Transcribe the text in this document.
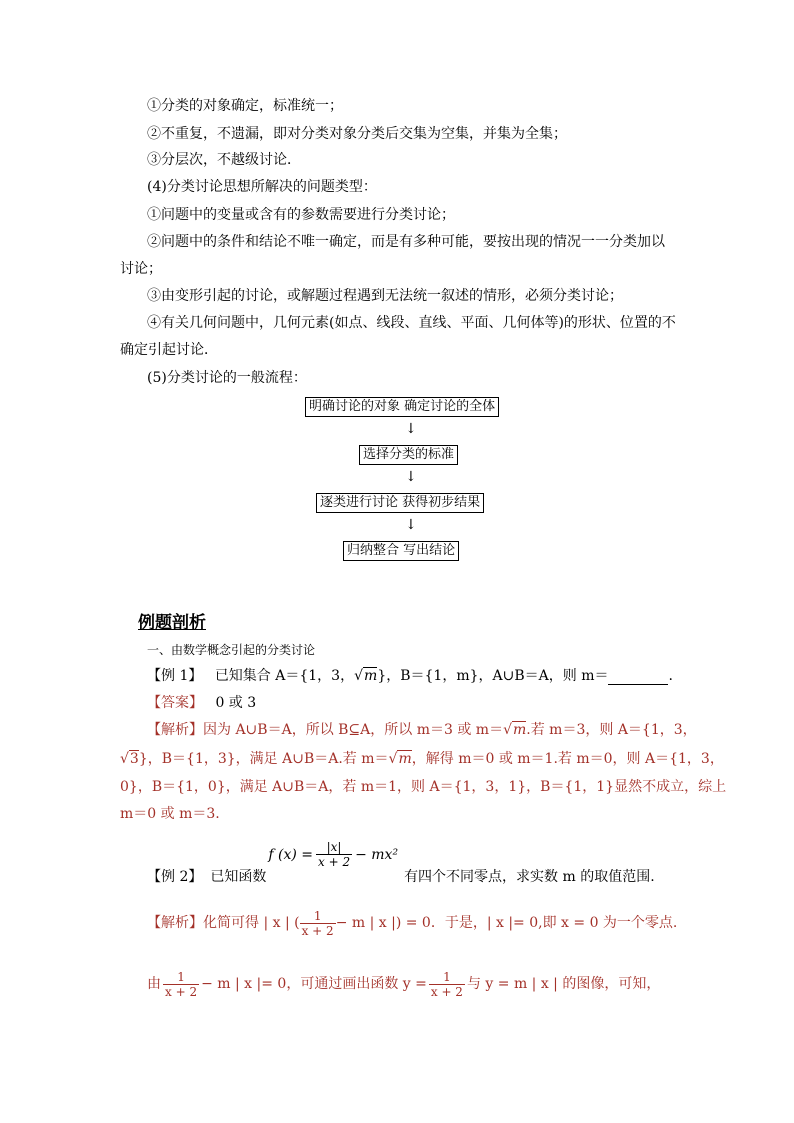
①分类的对象确定，标准统一；
②不重复，不遗漏，即对分类对象分类后交集为空集，并集为全集；
③分层次，不越级讨论．
(4)分类讨论思想所解决的问题类型：
①问题中的变量或含有的参数需要进行分类讨论；
②问题中的条件和结论不唯一确定，而是有多种可能，要按出现的情况一一分类加以
讨论；
③由变形引起的讨论，或解题过程遇到无法统一叙述的情形，必须分类讨论；
④有关几何问题中，几何元素(如点、线段、直线、平面、几何体等)的形状、位置的不
确定引起讨论．
(5)分类讨论的一般流程：
明确讨论的对象 确定讨论的全体
↓
选择分类的标准
↓
逐类进行讨论 获得初步结果
↓
归纳整合 写出结论
例题剖析
一、由数学概念引起的分类讨论
【例 1】 已知集合 A＝{1，3，√m}，B＝{1，m}，A∪B＝A，则 m＝	.
【答案】 0 或 3
【解析】因为 A∪B＝A，所以 B⊆A，所以 m＝3 或 m＝√m.若 m＝3，则 A＝{1，3，
√3}，B＝{1，3}，满足 A∪B＝A.若 m＝√m，解得 m＝0 或 m＝1.若 m＝0，则 A＝{1，3，
0}，B＝{1，0}，满足 A∪B＝A，若 m＝1，则 A＝{1，3，1}，B＝{1，1}显然不成立，综上
m＝0 或 m＝3.
【例 2】 已知函数
f $(x) = \frac{|x|}{x + 2} - mx^2$
有四个不同零点，求实数 m 的取值范围.
【解析】 化简可得 | x | ( $\frac{1}{x + 2} - m$ | x |) = 0．于是，| x |= 0,即 x = 0 为一个零点.
由 $\frac{1}{x + 2} - m$ | x |= 0，可通过画出函数 $y = \frac{1}{x + 2}$ 与 y = m | x | 的图像，可知，
